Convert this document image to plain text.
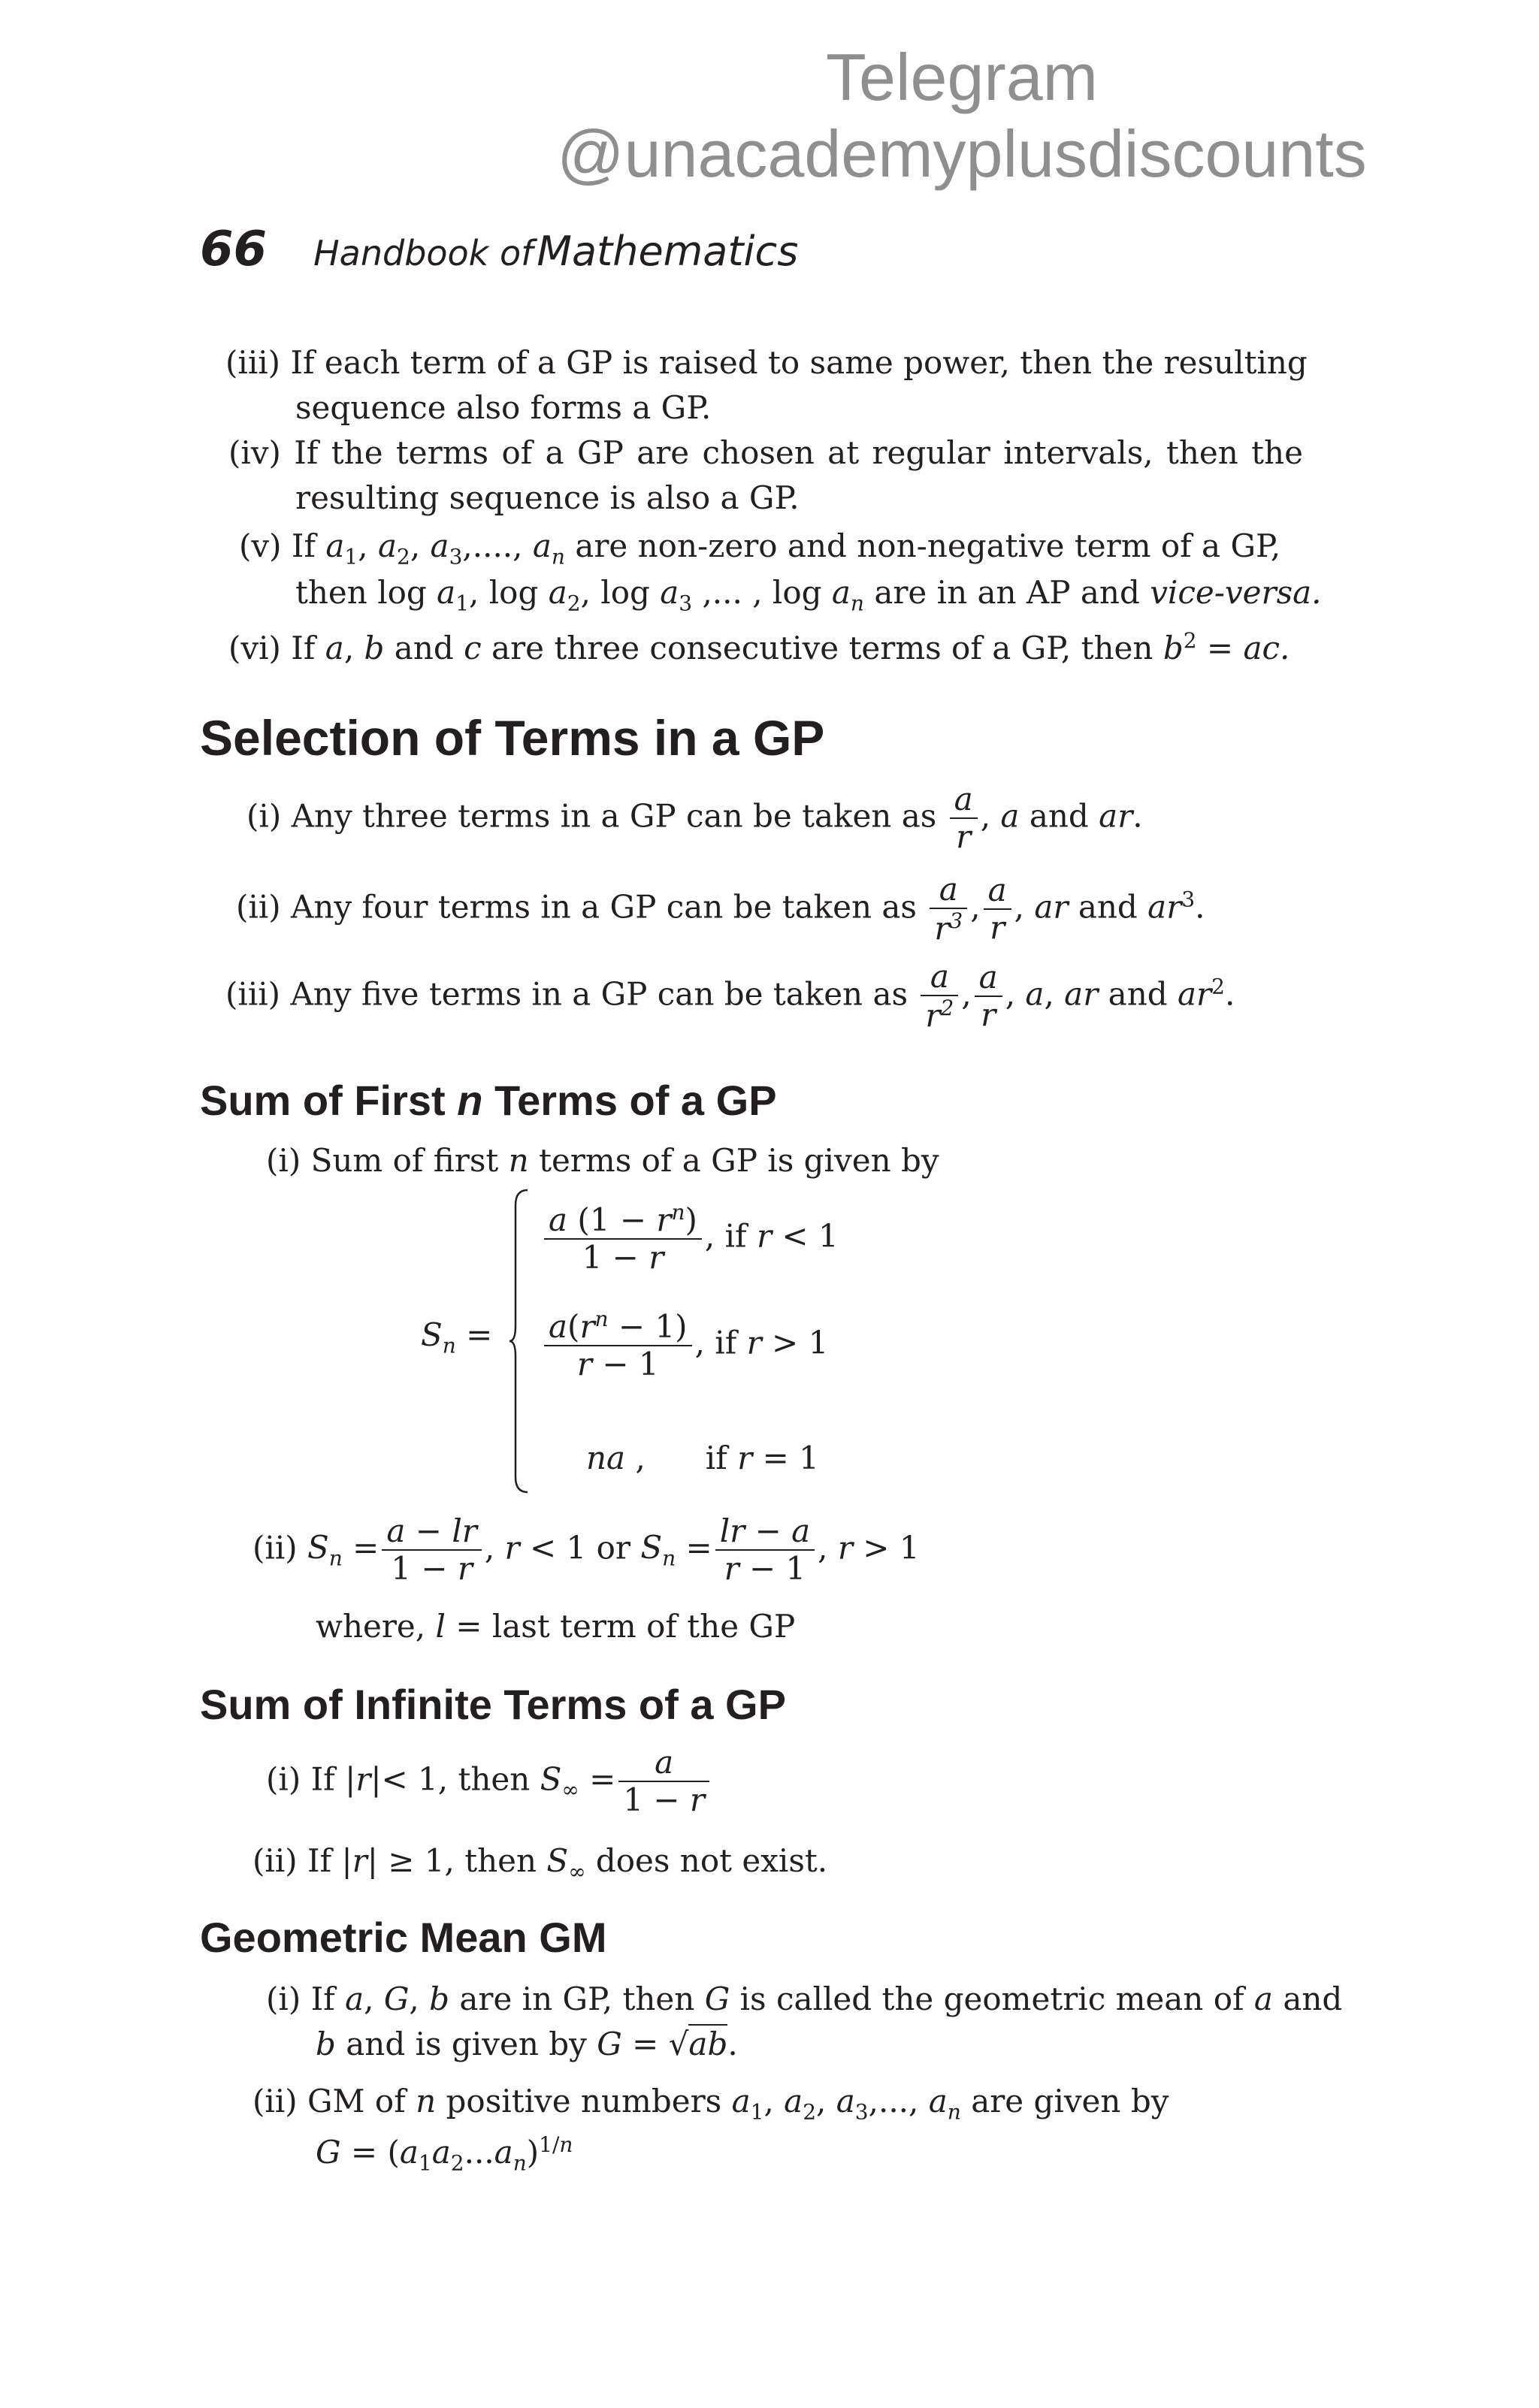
Telegram @unacademyplusdiscounts
66 Handbook of Mathematics
(iii) If each term of a GP is raised to same power, then the resulting
sequence also forms a GP.
(iv) If the terms of a GP are chosen at regular intervals, then the
resulting sequence is also a GP.
(v) If $a_1$, $a_2$, $a_3$,...., $a_n$ are non-zero and non-negative term of a GP,
then $\log a_1$, $\log a_2$, $\log a_3$ ,... , $\log a_n$ are in an AP and vice-versa.
(vi) If a, b and c are three consecutive terms of a GP, then $b^2$ = ac.
Selection of Terms in a GP
(i) Any three terms in a GP can be taken as $\frac{a}{r}$ , a and ar.
(ii) Any four terms in a GP can be taken as $\frac{a}{r^3}$ , $\frac{a}{r}$ , ar and $ar^3$.
(iii) Any five terms in a GP can be taken as $\frac{a}{r^2}$ , $\frac{a}{r}$ , a, ar and $ar^2$.
Sum of First n Terms of a GP
(i) Sum of first n terms of a GP is given by
$S_n$ =
$\frac{a (1 - r^n)}{1 - r}$ , if r < 1
$\frac{a(r^n - 1)}{r - 1}$ , if r > 1
na , if r = 1
(ii) $S_n = \frac{a - lr}{1 - r}$ , r < 1 or $S_n = \frac{lr - a}{r - 1}$ , r > 1
where, l = last term of the GP
Sum of Infinite Terms of a GP
(i) If |r|< 1, then $S_\infty = \frac{a}{1 - r}$
(ii) If |r| ≥ 1, then $S_\infty$ does not exist.
Geometric Mean GM
(i) If a, G, b are in GP, then G is called the geometric mean of a and
b and is given by G = √ab.
(ii) GM of n positive numbers $a_1$, $a_2$, $a_3$,..., $a_n$ are given by
$G = (a_1a_2...a_n)^{1/n}$
